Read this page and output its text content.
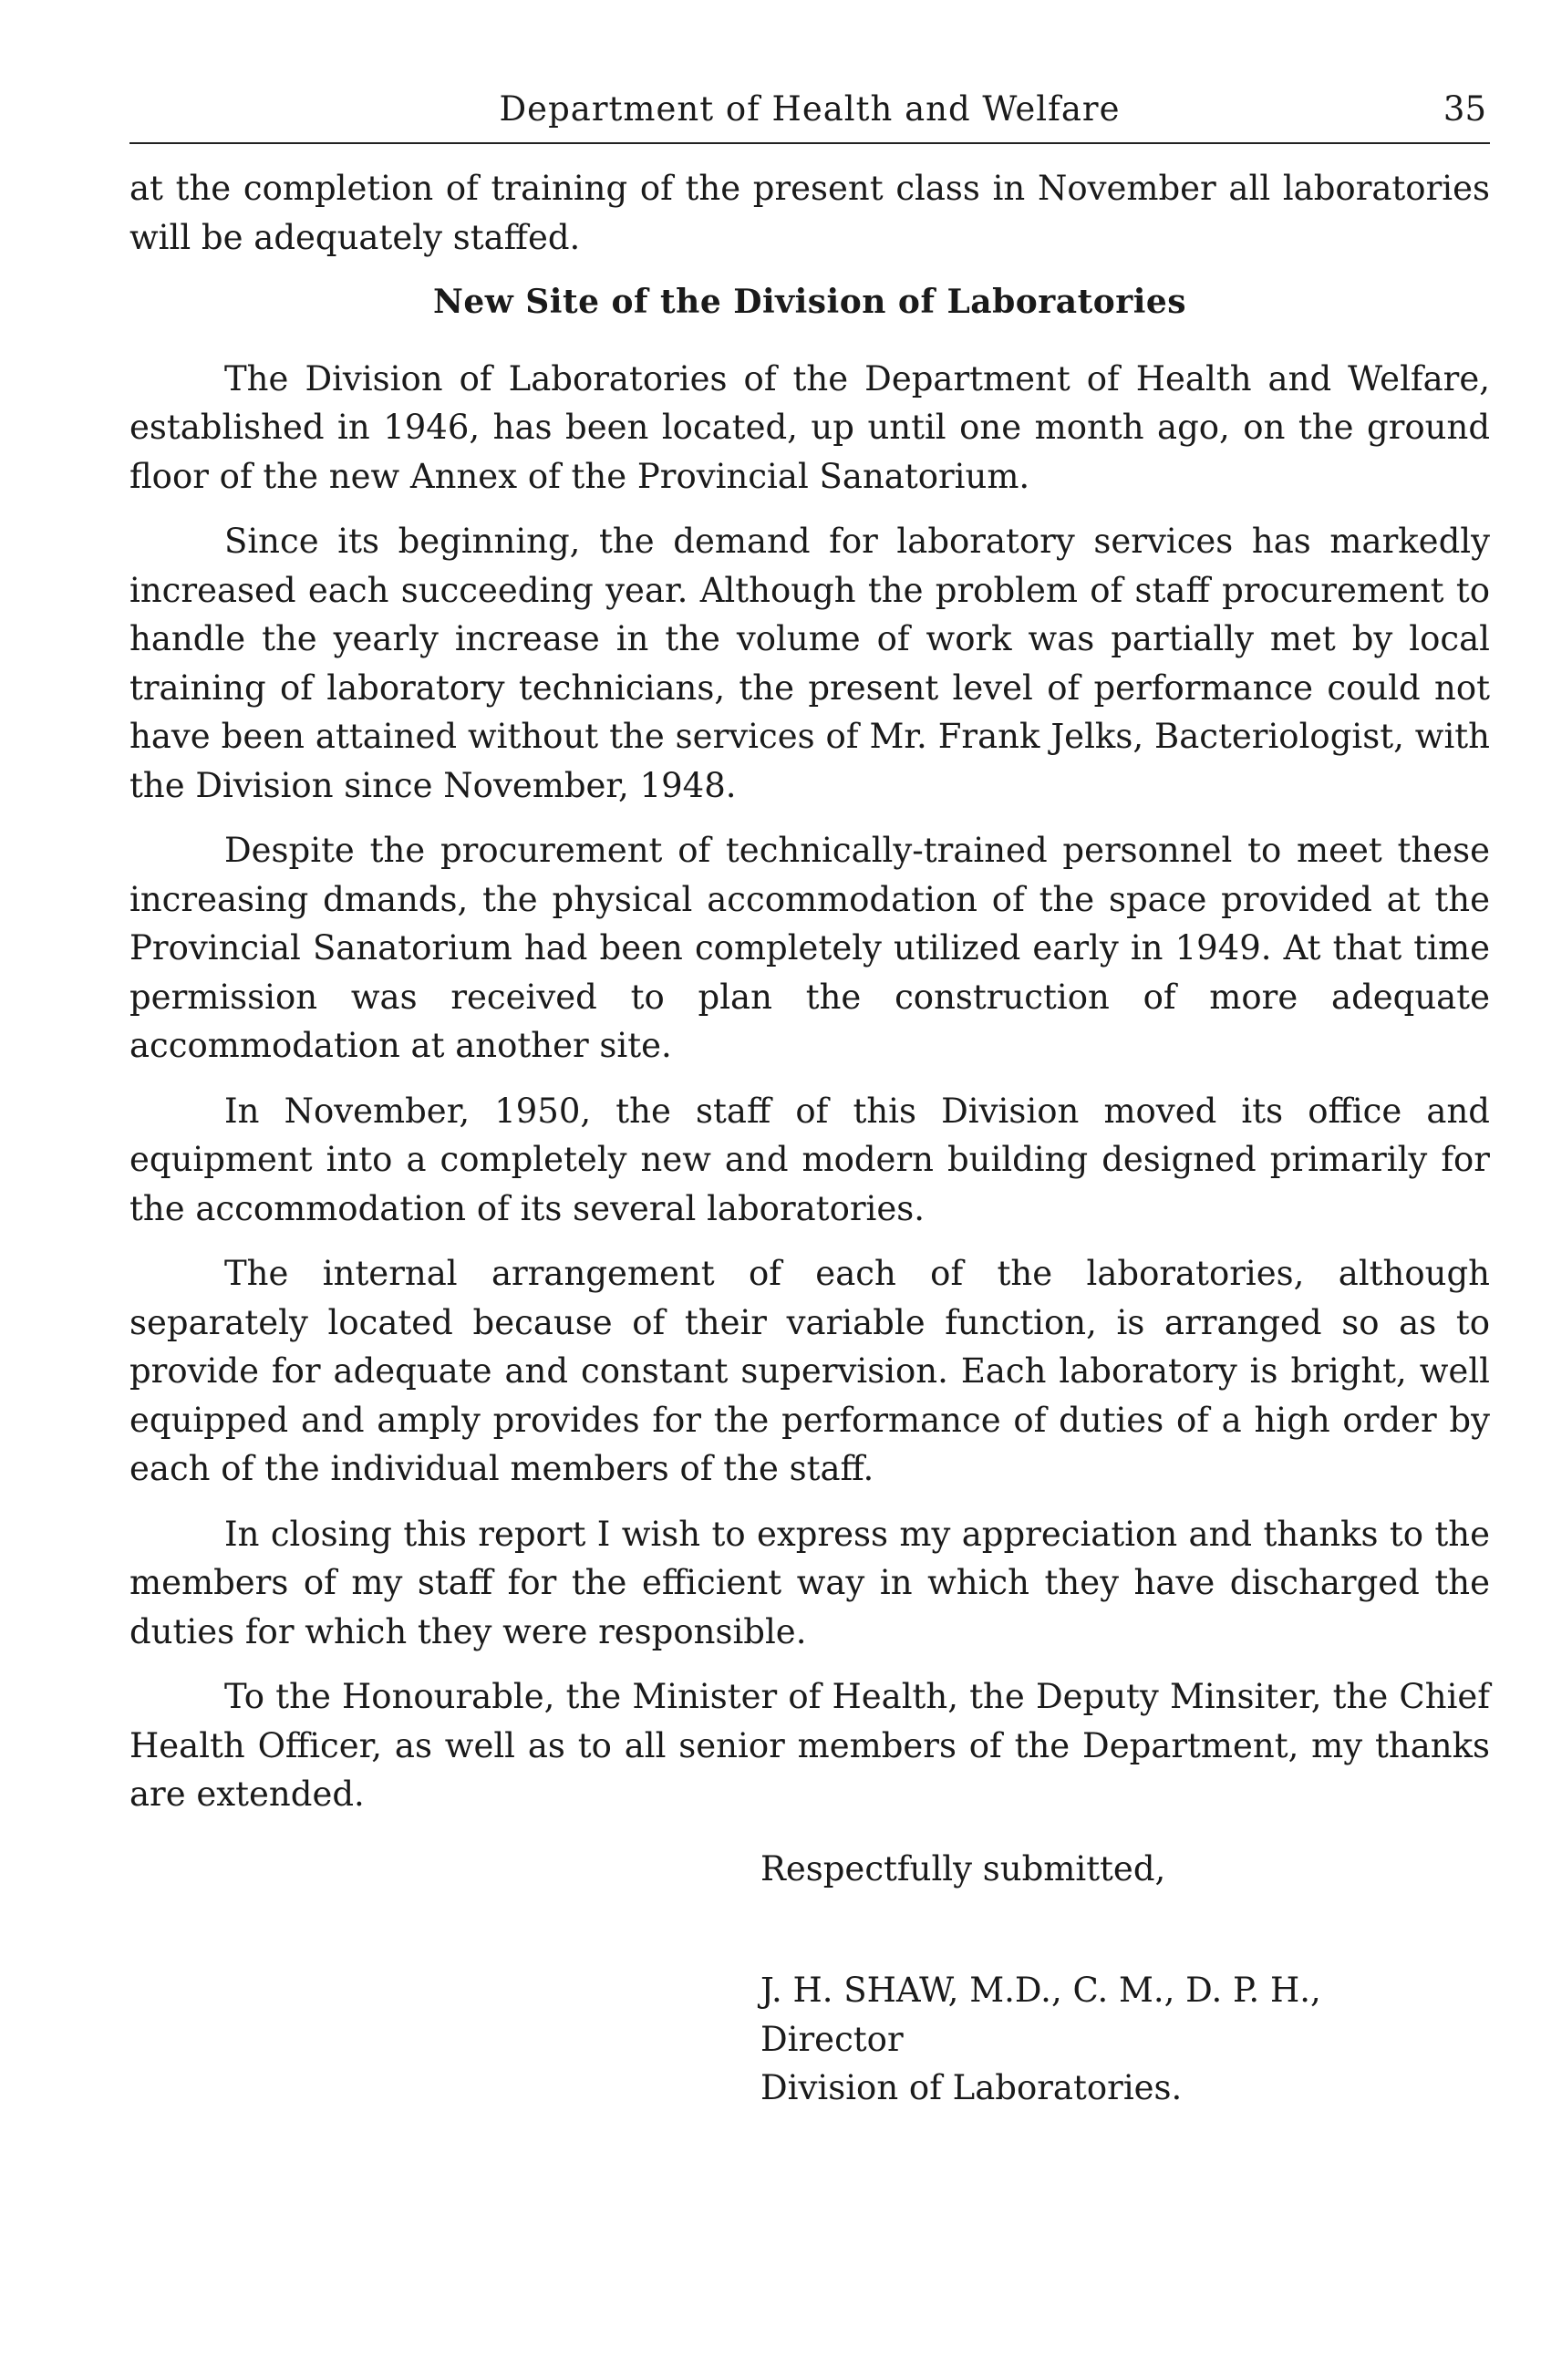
Department of Health and Welfare	35

at the completion of training of the present class in November all laboratories will be adequately staffed.

New Site of the Division of Laboratories

The Division of Laboratories of the Department of Health and Welfare, established in 1946, has been located, up until one month ago, on the ground floor of the new Annex of the Provincial Sanatorium.

Since its beginning, the demand for laboratory services has markedly increased each succeeding year. Although the problem of staff procurement to handle the yearly increase in the volume of work was partially met by local training of laboratory technicians, the present level of performance could not have been attained without the services of Mr. Frank Jelks, Bacteriologist, with the Division since November, 1948.

Despite the procurement of technically-trained personnel to meet these increasing dmands, the physical accommodation of the space provided at the Provincial Sanatorium had been completely utilized early in 1949. At that time permission was received to plan the construction of more adequate accommodation at another site.

In November, 1950, the staff of this Division moved its office and equipment into a completely new and modern building designed primarily for the accommodation of its several laboratories.

The internal arrangement of each of the laboratories, although separately located because of their variable function, is arranged so as to provide for adequate and constant supervision. Each laboratory is bright, well equipped and amply provides for the performance of duties of a high order by each of the individual members of the staff.

In closing this report I wish to express my appreciation and thanks to the members of my staff for the efficient way in which they have discharged the duties for which they were responsible.

To the Honourable, the Minister of Health, the Deputy Minsiter, the Chief Health Officer, as well as to all senior members of the Department, my thanks are extended.

Respectfully submitted,
J. H. SHAW, M.D., C. M., D. P. H.,
Director
Division of Laboratories.
